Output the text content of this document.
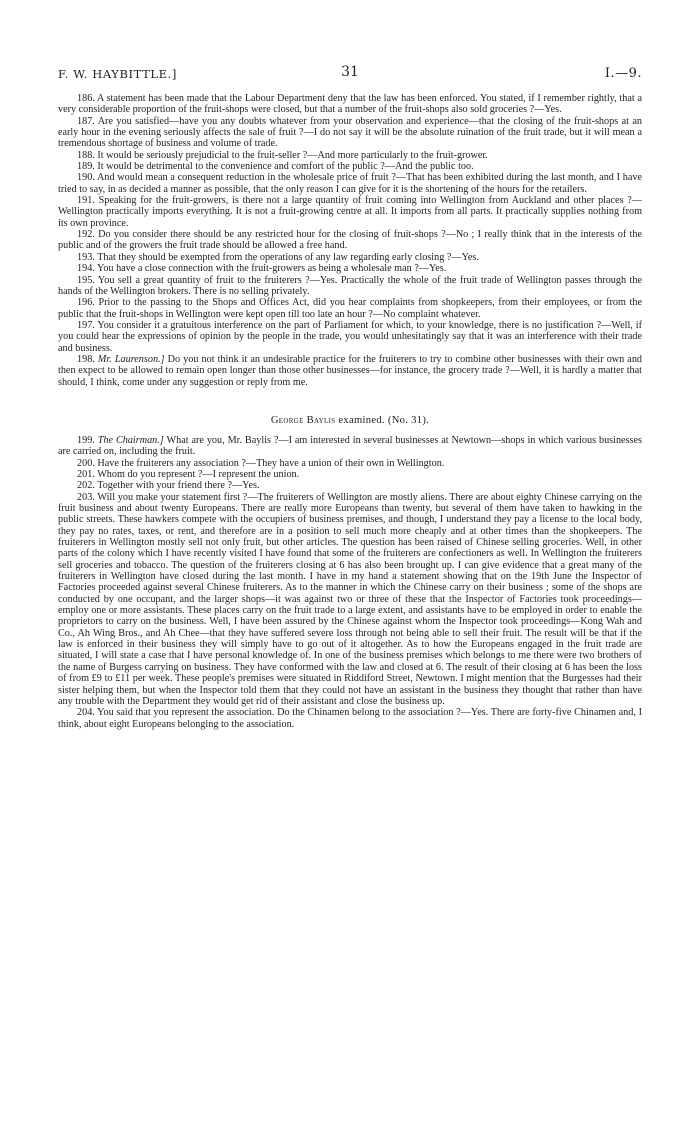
F. W. HAYBITTLE.]	31	I.—9.

186. A statement has been made that the Labour Department deny that the law has been enforced. You stated, if I remember rightly, that a very considerable proportion of the fruit-shops were closed, but that a number of the fruit-shops also sold groceries ?—Yes.

187. Are you satisfied—have you any doubts whatever from your observation and experience—that the closing of the fruit-shops at an early hour in the evening seriously affects the sale of fruit ?—I do not say it will be the absolute ruination of the fruit trade, but it will mean a tremendous shortage of business and volume of trade.

188. It would be seriously prejudicial to the fruit-seller ?—And more particularly to the fruit-grower.

189. It would be detrimental to the convenience and comfort of the public ?—And the public too.

190. And would mean a consequent reduction in the wholesale price of fruit ?—That has been exhibited during the last month, and I have tried to say, in as decided a manner as possible, that the only reason I can give for it is the shortening of the hours for the retailers.

191. Speaking for the fruit-growers, is there not a large quantity of fruit coming into Wellington from Auckland and other places ?—Wellington practically imports everything. It is not a fruit-growing centre at all. It imports from all parts. It practically supplies nothing from its own province.

192. Do you consider there should be any restricted hour for the closing of fruit-shops ?—No ; I really think that in the interests of the public and of the growers the fruit trade should be allowed a free hand.

193. That they should be exempted from the operations of any law regarding early closing ?—Yes.

194. You have a close connection with the fruit-growers as being a wholesale man ?—Yes.

195. You sell a great quantity of fruit to the fruiterers ?—Yes. Practically the whole of the fruit trade of Wellington passes through the hands of the Wellington brokers. There is no selling privately.

196. Prior to the passing to the Shops and Offices Act, did you hear complaints from shopkeepers, from their employees, or from the public that the fruit-shops in Wellington were kept open till too late an hour ?—No complaint whatever.

197. You consider it a gratuitous interference on the part of Parliament for which, to your knowledge, there is no justification ?—Well, if you could hear the expressions of opinion by the people in the trade, you would unhesitatingly say that it was an interference with their trade and business.

198. Mr. Laurenson.] Do you not think it an undesirable practice for the fruiterers to try to combine other businesses with their own and then expect to be allowed to remain open longer than those other businesses—for instance, the grocery trade ?—Well, it is hardly a matter that should, I think, come under any suggestion or reply from me.

George Baylis examined. (No. 31).

199. The Chairman.] What are you, Mr. Baylis ?—I am interested in several businesses at Newtown—shops in which various businesses are carried on, including the fruit.

200. Have the fruiterers any association ?—They have a union of their own in Wellington.

201. Whom do you represent ?—I represent the union.

202. Together with your friend there ?—Yes.

203. Will you make your statement first ?—The fruiterers of Wellington are mostly aliens. There are about eighty Chinese carrying on the fruit business and about twenty Europeans. There are really more Europeans than twenty, but several of them have taken to hawking in the public streets. These hawkers compete with the occupiers of business premises, and though, I understand they pay a license to the local body, they pay no rates, taxes, or rent, and therefore are in a position to sell much more cheaply and at other times than the shopkeepers. The fruiterers in Wellington mostly sell not only fruit, but other articles. The question has been raised of Chinese selling groceries. Well, in other parts of the colony which I have recently visited I have found that some of the fruiterers are confectioners as well. In Wellington the fruiterers sell groceries and tobacco. The question of the fruiterers closing at 6 has also been brought up. I can give evidence that a great many of the fruiterers in Wellington have closed during the last month. I have in my hand a statement showing that on the 19th June the Inspector of Factories proceeded against several Chinese fruiterers. As to the manner in which the Chinese carry on their business ; some of the shops are conducted by one occupant, and the larger shops—it was against two or three of these that the Inspector of Factories took proceedings—employ one or more assistants. These places carry on the fruit trade to a large extent, and assistants have to be employed in order to enable the proprietors to carry on the business. Well, I have been assured by the Chinese against whom the Inspector took proceedings—Kong Wah and Co., Ah Wing Bros., and Ah Chee—that they have suffered severe loss through not being able to sell their fruit. The result will be that if the law is enforced in their business they will simply have to go out of it altogether. As to how the Europeans engaged in the fruit trade are situated, I will state a case that I have personal knowledge of. In one of the business premises which belongs to me there were two brothers of the name of Burgess carrying on business. They have conformed with the law and closed at 6. The result of their closing at 6 has been the loss of from £9 to £11 per week. These people's premises were situated in Riddiford Street, Newtown. I might mention that the Burgesses had their sister helping them, but when the Inspector told them that they could not have an assistant in the business they thought that rather than have any trouble with the Department they would get rid of their assistant and close the business up.

204. You said that you represent the association. Do the Chinamen belong to the association ?—Yes. There are forty-five Chinamen and, I think, about eight Europeans belonging to the association.
